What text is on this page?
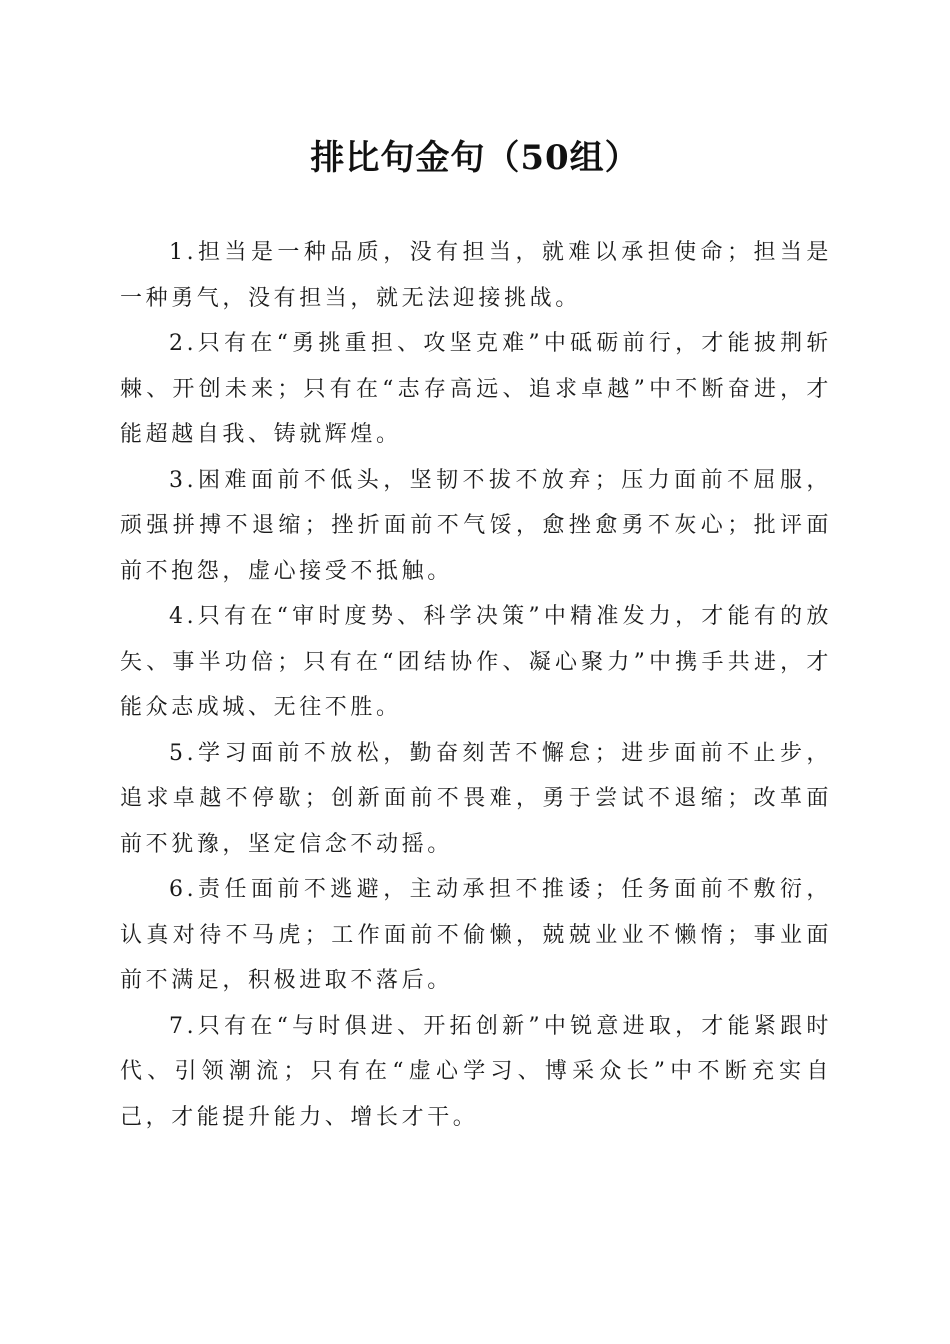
排比句金句（50组）

1.担当是一种品质，没有担当，就难以承担使命；担当是一种勇气，没有担当，就无法迎接挑战。

2.只有在“勇挑重担、攻坚克难”中砥砺前行，才能披荆斩棘、开创未来；只有在“志存高远、追求卓越”中不断奋进，才能超越自我、铸就辉煌。

3.困难面前不低头，坚韧不拔不放弃；压力面前不屈服，顽强拼搏不退缩；挫折面前不气馁，愈挫愈勇不灰心；批评面前不抱怨，虚心接受不抵触。

4.只有在“审时度势、科学决策”中精准发力，才能有的放矢、事半功倍；只有在“团结协作、凝心聚力”中携手共进，才能众志成城、无往不胜。

5.学习面前不放松，勤奋刻苦不懈怠；进步面前不止步，追求卓越不停歇；创新面前不畏难，勇于尝试不退缩；改革面前不犹豫，坚定信念不动摇。

6.责任面前不逃避，主动承担不推诿；任务面前不敷衍，认真对待不马虎；工作面前不偷懒，兢兢业业不懒惰；事业面前不满足，积极进取不落后。

7.只有在“与时俱进、开拓创新”中锐意进取，才能紧跟时代、引领潮流；只有在“虚心学习、博采众长”中不断充实自己，才能提升能力、增长才干。
